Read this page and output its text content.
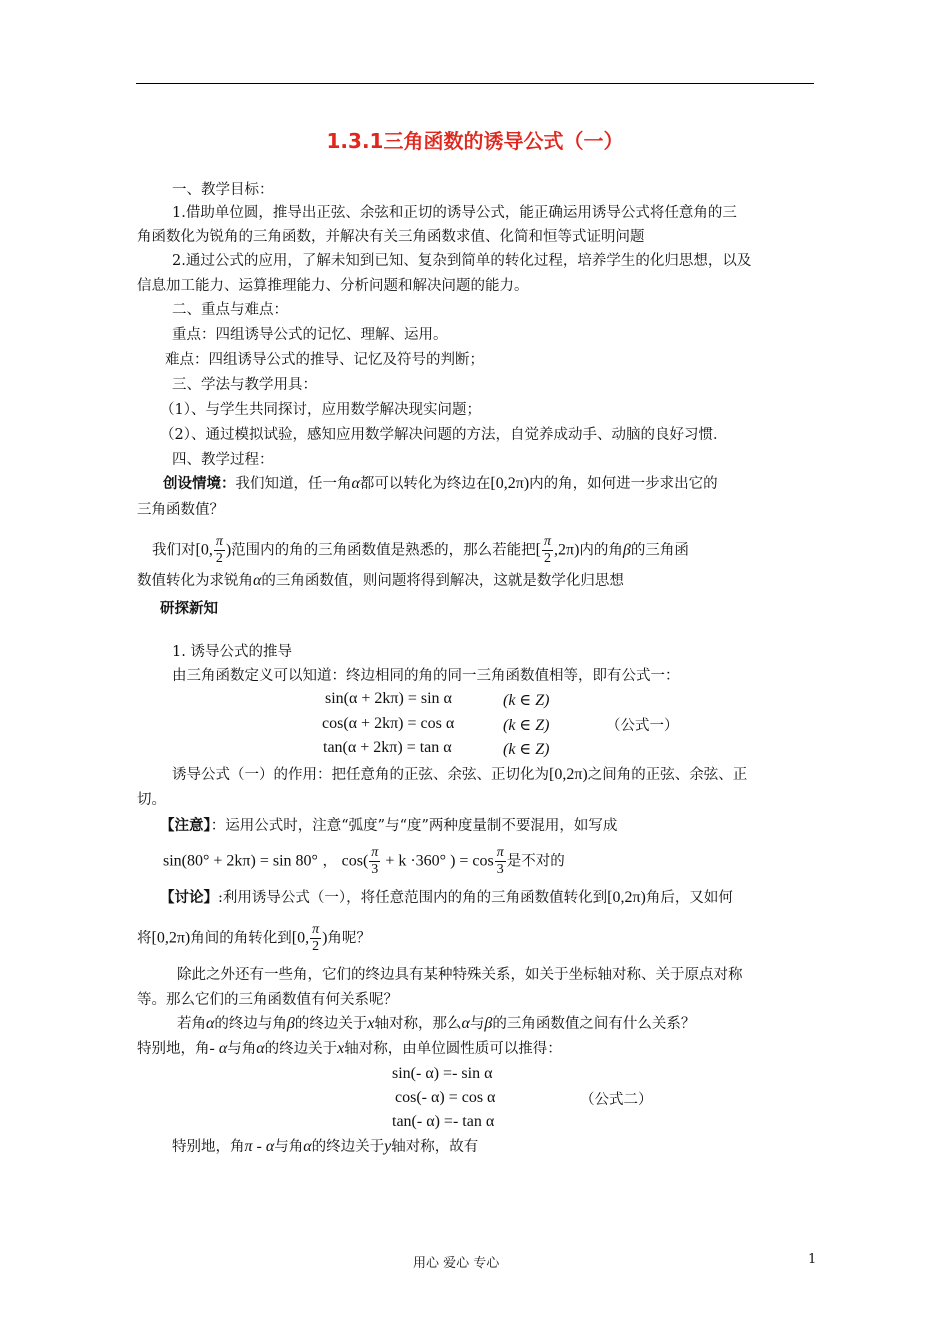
1.3.1三角函数的诱导公式（一）
一、教学目标：
1.借助单位圆，推导出正弦、余弦和正切的诱导公式，能正确运用诱导公式将任意角的三
角函数化为锐角的三角函数，并解决有关三角函数求值、化简和恒等式证明问题
2.通过公式的应用，了解未知到已知、复杂到简单的转化过程，培养学生的化归思想，以及
信息加工能力、运算推理能力、分析问题和解决问题的能力。
二、重点与难点：
重点：四组诱导公式的记忆、理解、运用。
难点：四组诱导公式的推导、记忆及符号的判断；
三、学法与教学用具：
（1）、与学生共同探讨，应用数学解决现实问题；
（2）、通过模拟试验，感知应用数学解决问题的方法，自觉养成动手、动脑的良好习惯．
四、教学过程：
创设情境：我们知道，任一角α都可以转化为终边在[0,2π)内的角，如何进一步求出它的
三角函数值？
我们对[0, $\frac{\pi}{2}$ )范围内的角的三角函数值是熟悉的，那么若能把[ $\frac{\pi}{2} ,2\pi$)内的角β的三角函
数值转化为求锐角α的三角函数值，则问题将得到解决，这就是数学化归思想
研探新知
1. 诱导公式的推导
由三角函数定义可以知道：终边相同的角的同一三角函数值相等，即有公式一：
sin(α + 2kπ) = sin α	(k ∈ Z)
cos(α + 2kπ) = cos α	(k ∈ Z)	（公式一）
tan(α + 2kπ) = tan α	(k ∈ Z)
诱导公式（一）的作用：把任意角的正弦、余弦、正切化为[0,2π)之间角的正弦、余弦、正
切。
【注意】：运用公式时，注意“弧度”与“度”两种度量制不要混用，如写成
sin(80° + 2kπ) = sin 80° ， $\cos( \frac{\pi}{3} + k \cdot 360^\circ$ ) = $\cos \frac{\pi}{3}$ 是不对的
【讨论】:利用诱导公式（一），将任意范围内的角的三角函数值转化到[0,2π)角后，又如何
将[0,2π)角间的角转化到[0, $\frac{\pi}{2}$ )角呢？
除此之外还有一些角，它们的终边具有某种特殊关系，如关于坐标轴对称、关于原点对称
等。那么它们的三角函数值有何关系呢？
若角α的终边与角β的终边关于x轴对称，那么α与β的三角函数值之间有什么关系？
特别地，角- α与角α的终边关于x轴对称，由单位圆性质可以推得：
sin(- α) =- sin α
cos(- α) = cos α	（公式二）
tan(- α) =- tan α
特别地，角π - α与角α的终边关于y轴对称，故有
用心 爱心 专心	1
